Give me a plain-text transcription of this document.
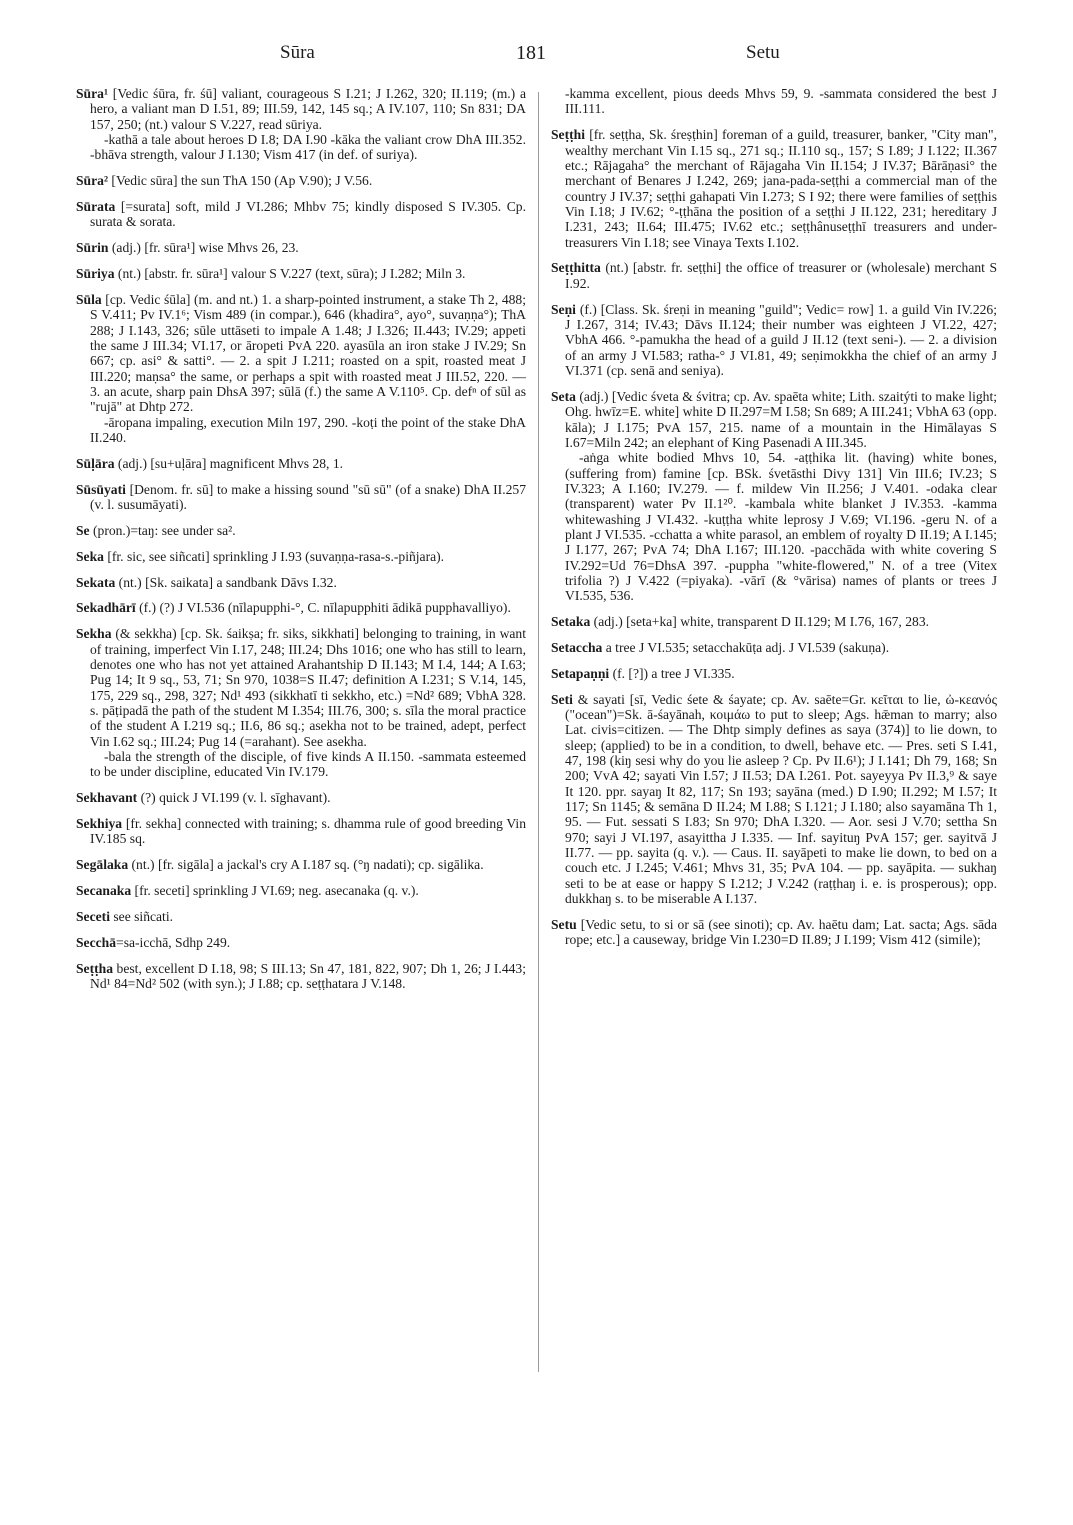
Sūra	181	Setu

Sūra¹ [Vedic śūra, fr. śū] valiant, courageous S I.21; J I.262, 320; II.119; (m.) a hero, a valiant man D I.51, 89; III.59, 142, 145 sq.; A IV.107, 110; Sn 831; DA 157, 250; (nt.) valour S V.227, read sūriya.
-kathā a tale about heroes D I.8; DA I.90 -kāka the valiant crow DhA III.352. -bhāva strength, valour J I.130; Vism 417 (in def. of suriya).

Sūra² [Vedic sūra] the sun ThA 150 (Ap V.90); J V.56.

Sūrata [=surata] soft, mild J VI.286; Mhbv 75; kindly disposed S IV.305. Cp. surata & sorata.

Sūrin (adj.) [fr. sūra¹] wise Mhvs 26, 23.

Sūriya (nt.) [abstr. fr. sūra¹] valour S V.227 (text, sūra); J I.282; Miln 3.

Sūla [cp. Vedic śūla] (m. and nt.) 1. a sharp-pointed instrument, a stake Th 2, 488; S V.411; Pv IV.1⁶; Vism 489 (in compar.), 646 (khadira°, ayo°, suvaṇṇa°); ThA 288; J I.143, 326; sūle uttāseti to impale A 1.48; J I.326; II.443; IV.29; appeti the same J III.34; VI.17, or āropeti PvA 220. ayasūla an iron stake J IV.29; Sn 667; cp. asi° & satti°. — 2. a spit J I.211; roasted on a spit, roasted meat J III.220; maṇsa° the same, or perhaps a spit with roasted meat J III.52, 220. — 3. an acute, sharp pain DhsA 397; sūlā (f.) the same A V.110⁵. Cp. defⁿ of sūl as "rujā" at Dhtp 272.
-āropana impaling, execution Miln 197, 290. -koṭi the point of the stake DhA II.240.

Sūḷāra (adj.) [su+uḷāra] magnificent Mhvs 28, 1.

Sūsūyati [Denom. fr. sū] to make a hissing sound "sū sū" (of a snake) DhA II.257 (v. l. susumāyati).

Se (pron.)=taŋ: see under sa².

Seka [fr. sic, see siñcati] sprinkling J I.93 (suvaṇṇa-rasa-s.-piñjara).

Sekata (nt.) [Sk. saikata] a sandbank Dāvs I.32.

Sekadhārī (f.) (?) J VI.536 (nīlapupphi-°, C. nīlapupphiti ādikā pupphavalliyo).

Sekha (& sekkha) [cp. Sk. śaikṣa; fr. siks, sikkhati] belonging to training, in want of training, imperfect Vin I.17, 248; III.24; Dhs 1016; one who has still to learn, denotes one who has not yet attained Arahantship D II.143; M I.4, 144; A I.63; Pug 14; It 9 sq., 53, 71; Sn 970, 1038=S II.47; definition A I.231; S V.14, 145, 175, 229 sq., 298, 327; Nd¹ 493 (sikkhatī ti sekkho, etc.) =Nd² 689; VbhA 328. s. pāṭipadā the path of the student M I.354; III.76, 300; s. sīla the moral practice of the student A I.219 sq.; II.6, 86 sq.; asekha not to be trained, adept, perfect Vin I.62 sq.; III.24; Pug 14 (=arahant). See asekha.
-bala the strength of the disciple, of five kinds A II.150. -sammata esteemed to be under discipline, educated Vin IV.179.

Sekhavant (?) quick J VI.199 (v. l. sīghavant).

Sekhiya [fr. sekha] connected with training; s. dhamma rule of good breeding Vin IV.185 sq.

Segālaka (nt.) [fr. sigāla] a jackal's cry A I.187 sq. (°ŋ nadati); cp. sigālika.

Secanaka [fr. seceti] sprinkling J VI.69; neg. asecanaka (q. v.).

Seceti see siñcati.

Secchā=sa-icchā, Sdhp 249.

Seṭṭha best, excellent D I.18, 98; S III.13; Sn 47, 181, 822, 907; Dh 1, 26; J I.443; Nd¹ 84=Nd² 502 (with syn.); J I.88; cp. seṭṭhatara J V.148.

-kamma excellent, pious deeds Mhvs 59, 9. -sammata considered the best J III.111.

Seṭṭhi [fr. seṭṭha, Sk. śreṣṭhin] foreman of a guild, treasurer, banker, "City man", wealthy merchant Vin I.15 sq., 271 sq.; II.110 sq., 157; S I.89; J I.122; II.367 etc.; Rājagaha° the merchant of Rājagaha Vin II.154; J IV.37; Bārāṇasi° the merchant of Benares J I.242, 269; jana-pada-seṭṭhi a commercial man of the country J IV.37; seṭṭhi gahapati Vin I.273; S I 92; there were families of seṭṭhis Vin I.18; J IV.62; °-ṭṭhāna the position of a seṭṭhi J II.122, 231; hereditary J I.231, 243; II.64; III.475; IV.62 etc.; seṭṭhânuseṭṭhī treasurers and under-treasurers Vin I.18; see Vinaya Texts I.102.

Seṭṭhitta (nt.) [abstr. fr. seṭṭhi] the office of treasurer or (wholesale) merchant S I.92.

Seṇi (f.) [Class. Sk. śreṇi in meaning "guild"; Vedic= row] 1. a guild Vin IV.226; J I.267, 314; IV.43; Dāvs II.124; their number was eighteen J VI.22, 427; VbhA 466. °-pamukha the head of a guild J II.12 (text seni-). — 2. a division of an army J VI.583; ratha-° J VI.81, 49; seṇimokkha the chief of an army J VI.371 (cp. senā and seniya).

Seta (adj.) [Vedic śveta & śvitra; cp. Av. spaēta white; Lith. szaitýti to make light; Ohg. hwīz=E. white] white D II.297=M I.58; Sn 689; A III.241; VbhA 63 (opp. kāla); J I.175; PvA 157, 215. name of a mountain in the Himālayas S I.67=Miln 242; an elephant of King Pasenadi A III.345.
-aṅga white bodied Mhvs 10, 54. -aṭṭhika lit. (having) white bones, (suffering from) famine [cp. BSk. śvetāsthi Divy 131] Vin III.6; IV.23; S IV.323; A I.160; IV.279. — f. mildew Vin II.256; J V.401. -odaka clear (transparent) water Pv II.1²⁰. -kambala white blanket J IV.353. -kamma whitewashing J VI.432. -kuṭṭha white leprosy J V.69; VI.196. -geru N. of a plant J VI.535. -cchatta a white parasol, an emblem of royalty D II.19; A I.145; J I.177, 267; PvA 74; DhA I.167; III.120. -pacchāda with white covering S IV.292=Ud 76=DhsA 397. -puppha "white-flowered," N. of a tree (Vitex trifolia ?) J V.422 (=piyaka). -vārī (& °vārisa) names of plants or trees J VI.535, 536.

Setaka (adj.) [seta+ka] white, transparent D II.129; M I.76, 167, 283.

Setaccha a tree J VI.535; setacchakūṭa adj. J VI.539 (sakuṇa).

Setapaṇṇi (f. [?]) a tree J VI.335.

Seti & sayati [sī, Vedic śete & śayate; cp. Av. saēte=Gr. κεῖται to lie, ὠ-κεανός ("ocean")=Sk. ā-śayānah, κοιμάω to put to sleep; Ags. hǣman to marry; also Lat. civis=citizen. — The Dhtp simply defines as saya (374)] to lie down, to sleep; (applied) to be in a condition, to dwell, behave etc. — Pres. seti S I.41, 47, 198 (kiŋ sesi why do you lie asleep ? Cp. Pv II.6¹); J I.141; Dh 79, 168; Sn 200; VvA 42; sayati Vin I.57; J II.53; DA I.261. Pot. sayeyya Pv II.3,⁹ & saye It 120. ppr. sayaŋ It 82, 117; Sn 193; sayāna (med.) D I.90; II.292; M I.57; It 117; Sn 1145; & semāna D II.24; M I.88; S I.121; J I.180; also sayamāna Th 1, 95. — Fut. sessati S I.83; Sn 970; DhA I.320. — Aor. sesi J V.70; settha Sn 970; sayi J VI.197, asayittha J I.335. — Inf. sayituŋ PvA 157; ger. sayitvā J II.77. — pp. sayita (q. v.). — Caus. II. sayāpeti to make lie down, to bed on a couch etc. J I.245; V.461; Mhvs 31, 35; PvA 104. — pp. sayāpita. — sukhaŋ seti to be at ease or happy S I.212; J V.242 (raṭṭhaŋ i. e. is prosperous); opp. dukkhaŋ s. to be miserable A I.137.

Setu [Vedic setu, to si or sā (see sinoti); cp. Av. haētu dam; Lat. sacta; Ags. sāda rope; etc.] a causeway, bridge Vin I.230=D II.89; J I.199; Vism 412 (simile);
